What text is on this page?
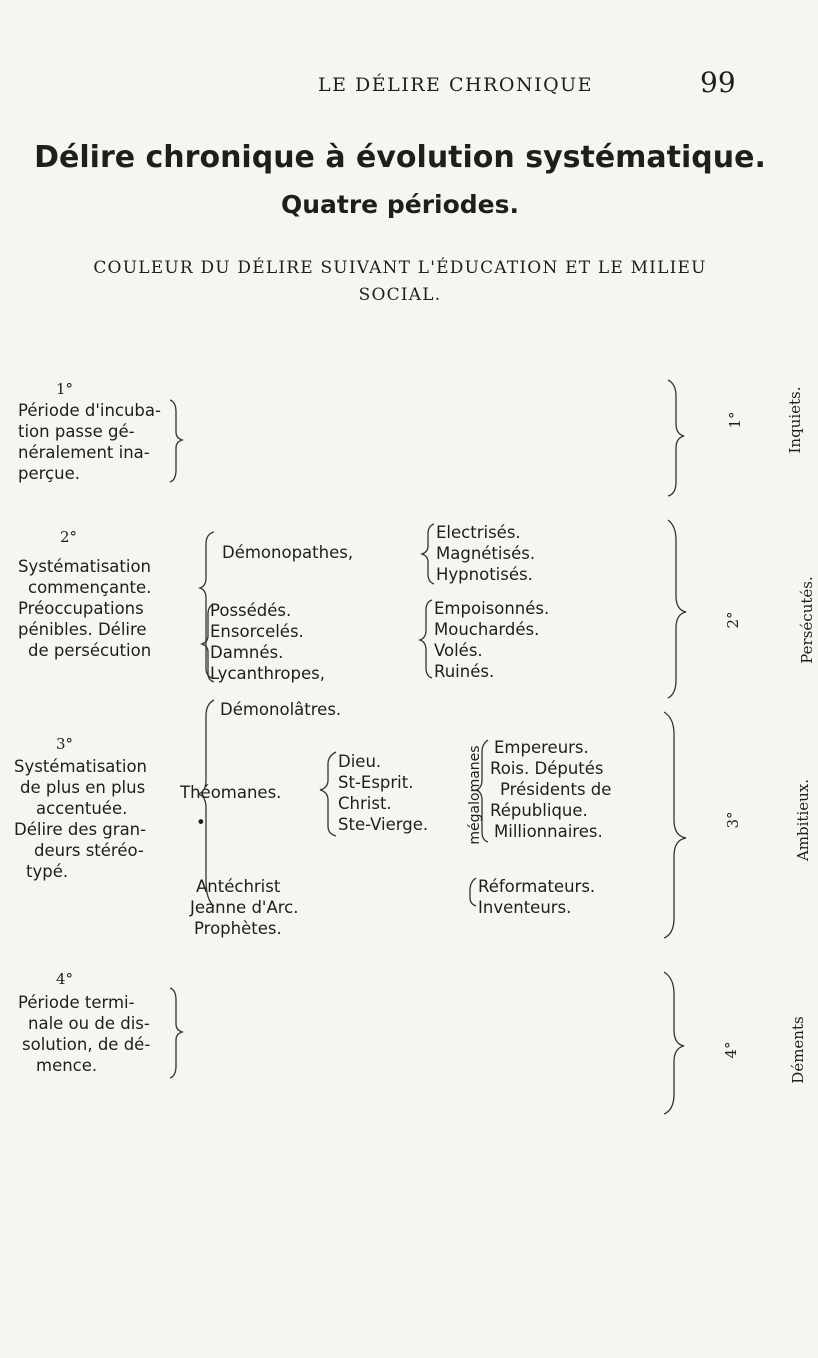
LE DÉLIRE CHRONIQUE	99
Délire chronique à évolution systématique.
Quatre périodes.
COULEUR DU DÉLIRE SUIVANT L'ÉDUCATION ET LE MILIEU
SOCIAL.
1°
Période d'incuba-
tion passe gé-
néralement ina-
perçue.
2°
Systématisation
commençante.
Préoccupations
pénibles. Délire
de persécution
Démonopathes,
Possédés.
Ensorcelés.
Damnés.
Lycanthropes,
Electrisés.
Magnétisés.
Hypnotisés.
Empoisonnés.
Mouchardés.
Volés.
Ruinés.
3°
Systématisation
de plus en plus
accentuée.
Délire des gran-
deurs stéréo-
typé.
Démonolâtres.
Théomanes.
•
Antéchrist
Jeanne d'Arc.
Prophètes.
Dieu.
St-Esprit.
Christ.
Ste-Vierge.	mégalomanes Empereurs.
Rois. Députés
Présidents de
République.
Millionnaires.
Réformateurs.
Inventeurs.
4°
Période termi-
nale ou de dis-
solution, de dé-
mence.
1°	Inquiets.
2°	Persécutés.
3°	Ambitieux.
4°	Déments
